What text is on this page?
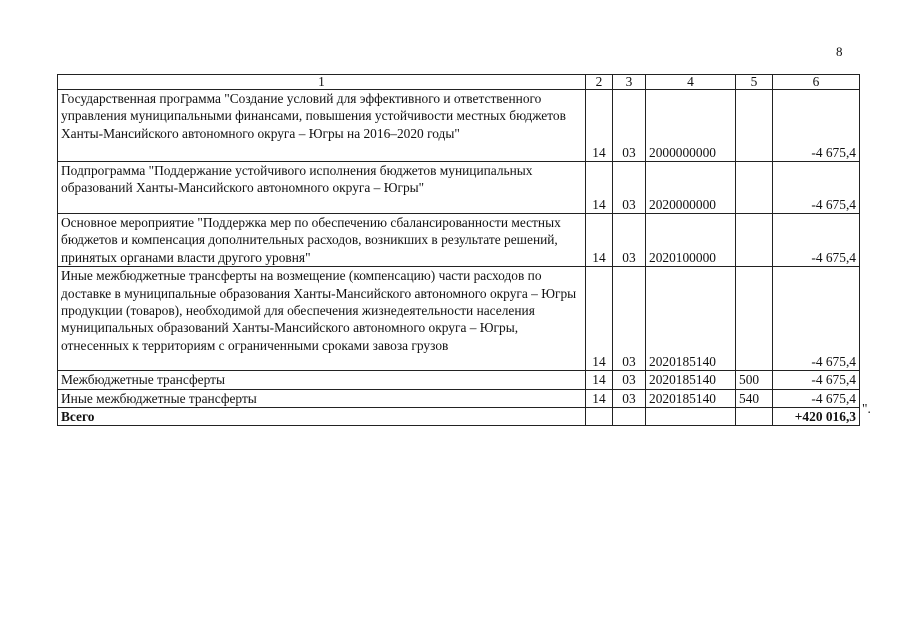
8
1	2	3	4	5	6
Государственная программа "Создание условий для эффективного и ответственного управления муниципальными финансами, повышения устойчивости местных бюджетов Ханты-Мансийского автономного округа – Югры на 2016–2020 годы"	14	03	2000000000		-4 675,4
Подпрограмма "Поддержание устойчивого исполнения бюджетов муниципальных образований Ханты-Мансийского автономного округа – Югры"	14	03	2020000000		-4 675,4
Основное мероприятие "Поддержка мер по обеспечению сбалансированности местных бюджетов и компенсация дополнительных расходов, возникших в результате решений, принятых органами власти другого уровня"	14	03	2020100000		-4 675,4
Иные межбюджетные трансферты на возмещение (компенсацию) части расходов по доставке в муниципальные образования Ханты-Мансийского автономного округа – Югры продукции (товаров), необходимой для обеспечения жизнедеятельности населения муниципальных образований Ханты-Мансийского автономного округа – Югры, отнесенных к территориям с ограниченными сроками завоза грузов	14	03	2020185140		-4 675,4
Межбюджетные трансферты	14	03	2020185140	500	-4 675,4
Иные межбюджетные трансферты	14	03	2020185140	540	-4 675,4
Всего					+420 016,3
".
